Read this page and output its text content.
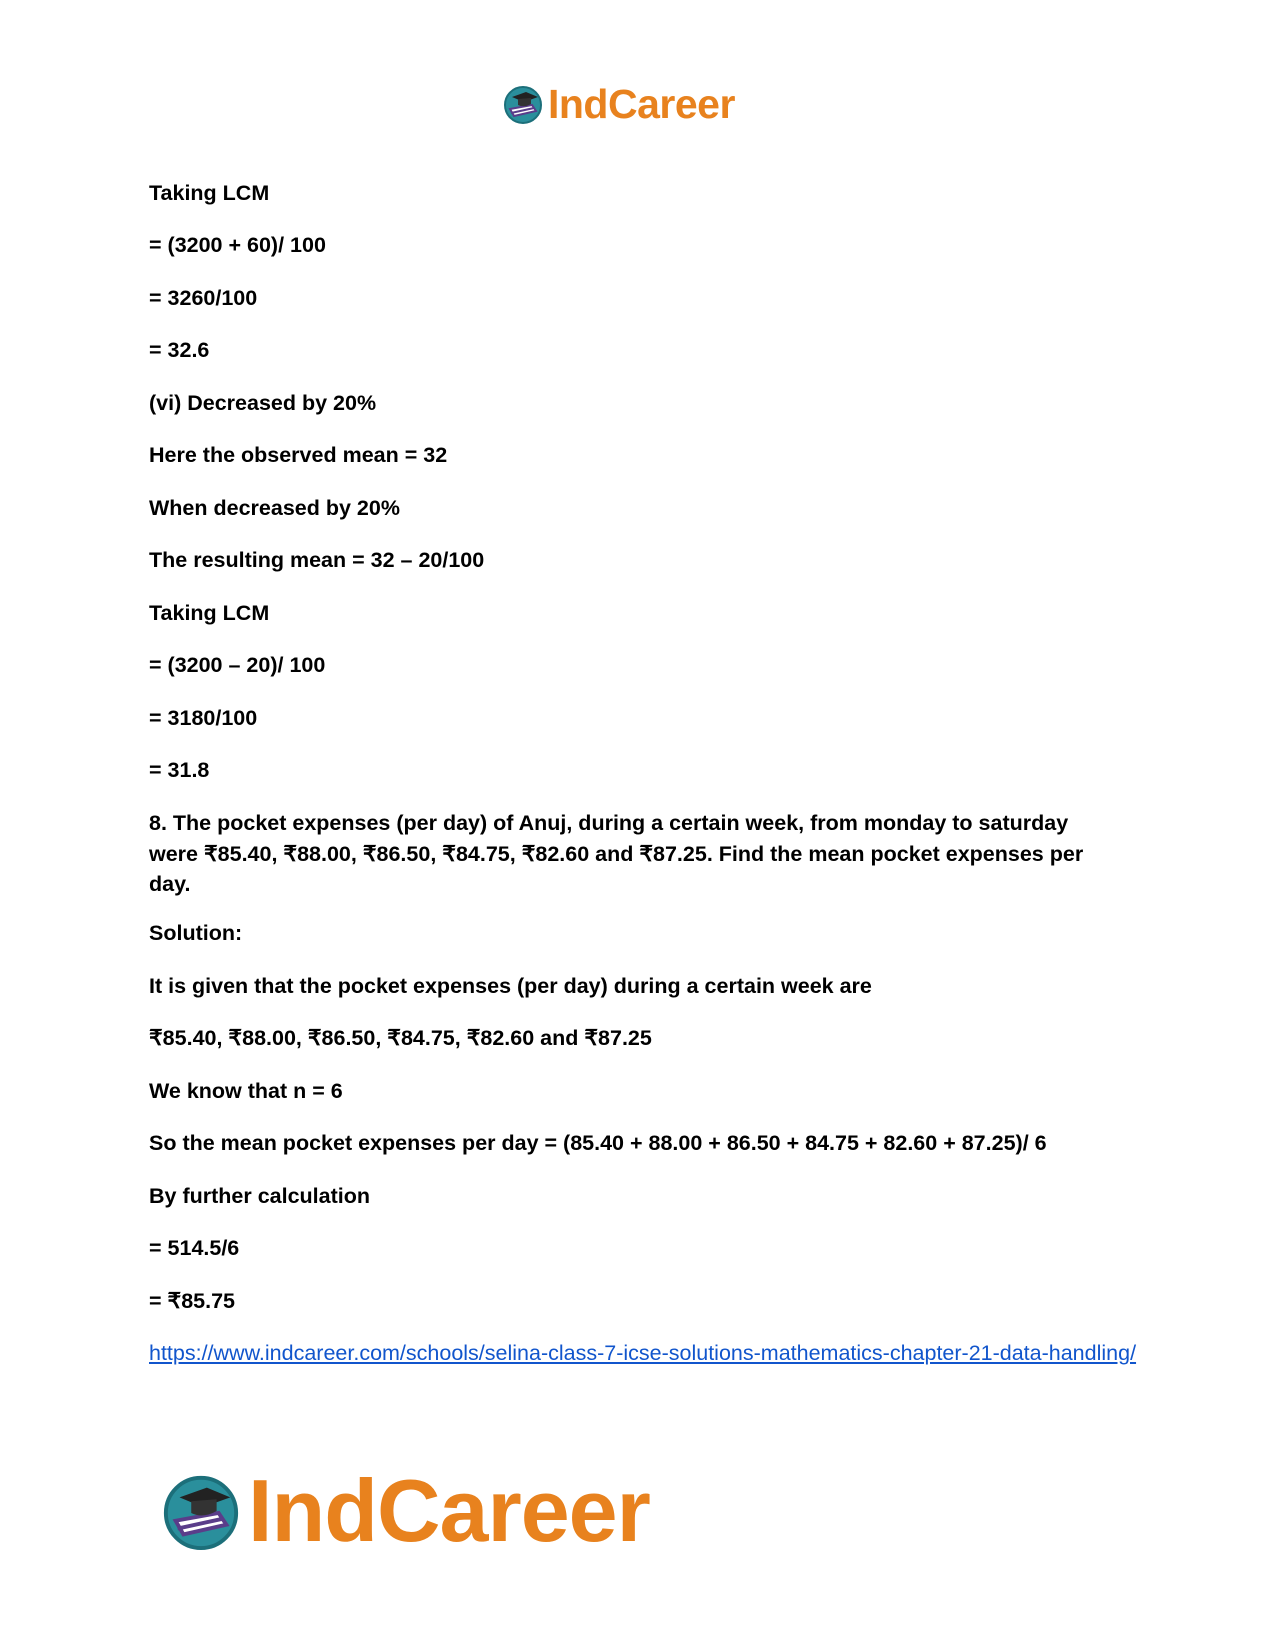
IndCareer
Taking LCM
= (3200 + 60)/ 100
= 3260/100
= 32.6
(vi) Decreased by 20%
Here the observed mean = 32
When decreased by 20%
The resulting mean = 32 – 20/100
Taking LCM
= (3200 – 20)/ 100
= 3180/100
= 31.8
8. The pocket expenses (per day) of Anuj, during a certain week, from monday to saturday were ₹85.40, ₹88.00, ₹86.50, ₹84.75, ₹82.60 and ₹87.25. Find the mean pocket expenses per day.
Solution:
It is given that the pocket expenses (per day) during a certain week are
₹85.40, ₹88.00, ₹86.50, ₹84.75, ₹82.60 and ₹87.25
We know that n = 6
So the mean pocket expenses per day = (85.40 + 88.00 + 86.50 + 84.75 + 82.60 + 87.25)/ 6
By further calculation
= 514.5/6
= ₹85.75
https://www.indcareer.com/schools/selina-class-7-icse-solutions-mathematics-chapter-21-data-handling/
IndCareer
